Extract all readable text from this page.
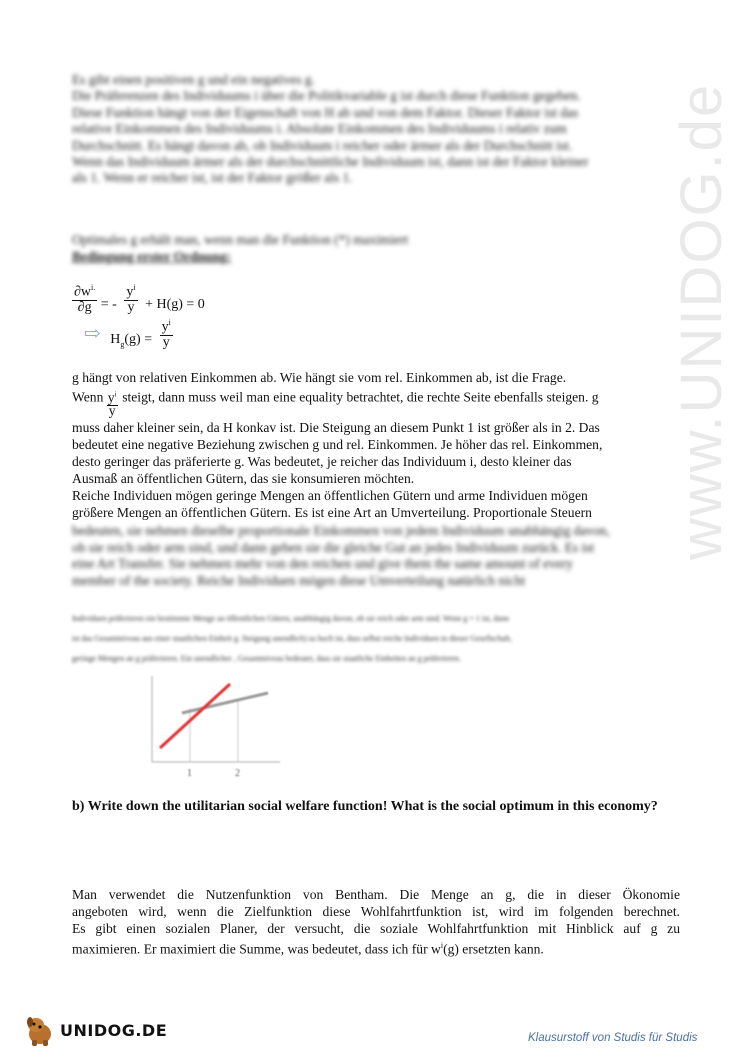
www.UNIDOG.de
Es gibt einen positiven g und ein negatives g.
Die Präferenzen des Individuums i über die Politikvariable g ist durch diese Funktion gegeben.
Diese Funktion hängt von der Eigenschaft von H ab und von dem Faktor. Dieser Faktor ist das
relative Einkommen des Individuums i. Absolute Einkommen des Individuums i relativ zum
Durchschnitt. Es hängt davon ab, ob Individuum i reicher oder ärmer als der Durchschnitt ist.
Wenn das Individuum ärmer als der durchschnittliche Individuum ist, dann ist der Faktor kleiner
als 1. Wenn er reicher ist, ist der Faktor größer als 1.
Optimales g erhält man, wenn man die Funktion (*) maximiert
Bedingung erster Ordnung:
$\frac{\partial w^{i.}}{\partial g}$ = - $\frac{y^i}{y} + H(g) = 0$
⇨ $H_g(g) = \frac{y^i}{y}$
g hängt von relativen Einkommen ab. Wie hängt sie vom rel. Einkommen ab, ist die Frage.
Wenn $\frac{y^i}{y}$ steigt, dann muss weil man eine equality betrachtet, die rechte Seite ebenfalls steigen. g
muss daher kleiner sein, da H konkav ist. Die Steigung an diesem Punkt 1 ist größer als in 2. Das
bedeutet eine negative Beziehung zwischen g und rel. Einkommen. Je höher das rel. Einkommen,
desto geringer das präferierte g. Was bedeutet, je reicher das Individuum i, desto kleiner das
Ausmaß an öffentlichen Gütern, das sie konsumieren möchten.
Reiche Individuen mögen geringe Mengen an öffentlichen Gütern und arme Individuen mögen
größere Mengen an öffentlichen Gütern. Es ist eine Art an Umverteilung. Proportionale Steuern
bedeuten, sie nehmen dieselbe proportionale Einkommen von jedem Individuum unabhängig davon,
ob sie reich oder arm sind, und dann geben sie die gleiche Gut an jedes Individuum zurück. Es ist
eine Art Transfer. Sie nehmen mehr von den reichen und give them the same amount of every
member of the society. Reiche Individuen mögen diese Umverteilung natürlich nicht
Individuen präferieren ein bestimmte Menge an öffentlichen Gütern, unabhängig davon, ob sie reich oder arm sind. Wenn g = 1 ist, dann
ist das Gesamtniveau aus einer staatlichen Einheit g. Steigung unendlich) so hoch ist, dass selbst reiche Individuen in dieser Gesellschaft,
geringe Mengen an g präferieren. Ein unendlicher , Gesamtniveau bedeutet, dass sie staatliche Einheiten an g präferieren.
1	2
b) Write down the utilitarian social welfare function! What is the social optimum in this economy?
Man verwendet die Nutzenfunktion von Bentham. Die Menge an g, die in dieser Ökonomie
angeboten wird, wenn die Zielfunktion diese Wohlfahrtfunktion ist, wird im folgenden berechnet.
Es gibt einen sozialen Planer, der versucht, die soziale Wohlfahrtfunktion mit Hinblick auf g zu
maximieren. Er maximiert die Summe, was bedeutet, dass ich für $w^i(g)$ ersetzten kann.
UNIDOG.DE	Klausurstoff von Studis für Studis
